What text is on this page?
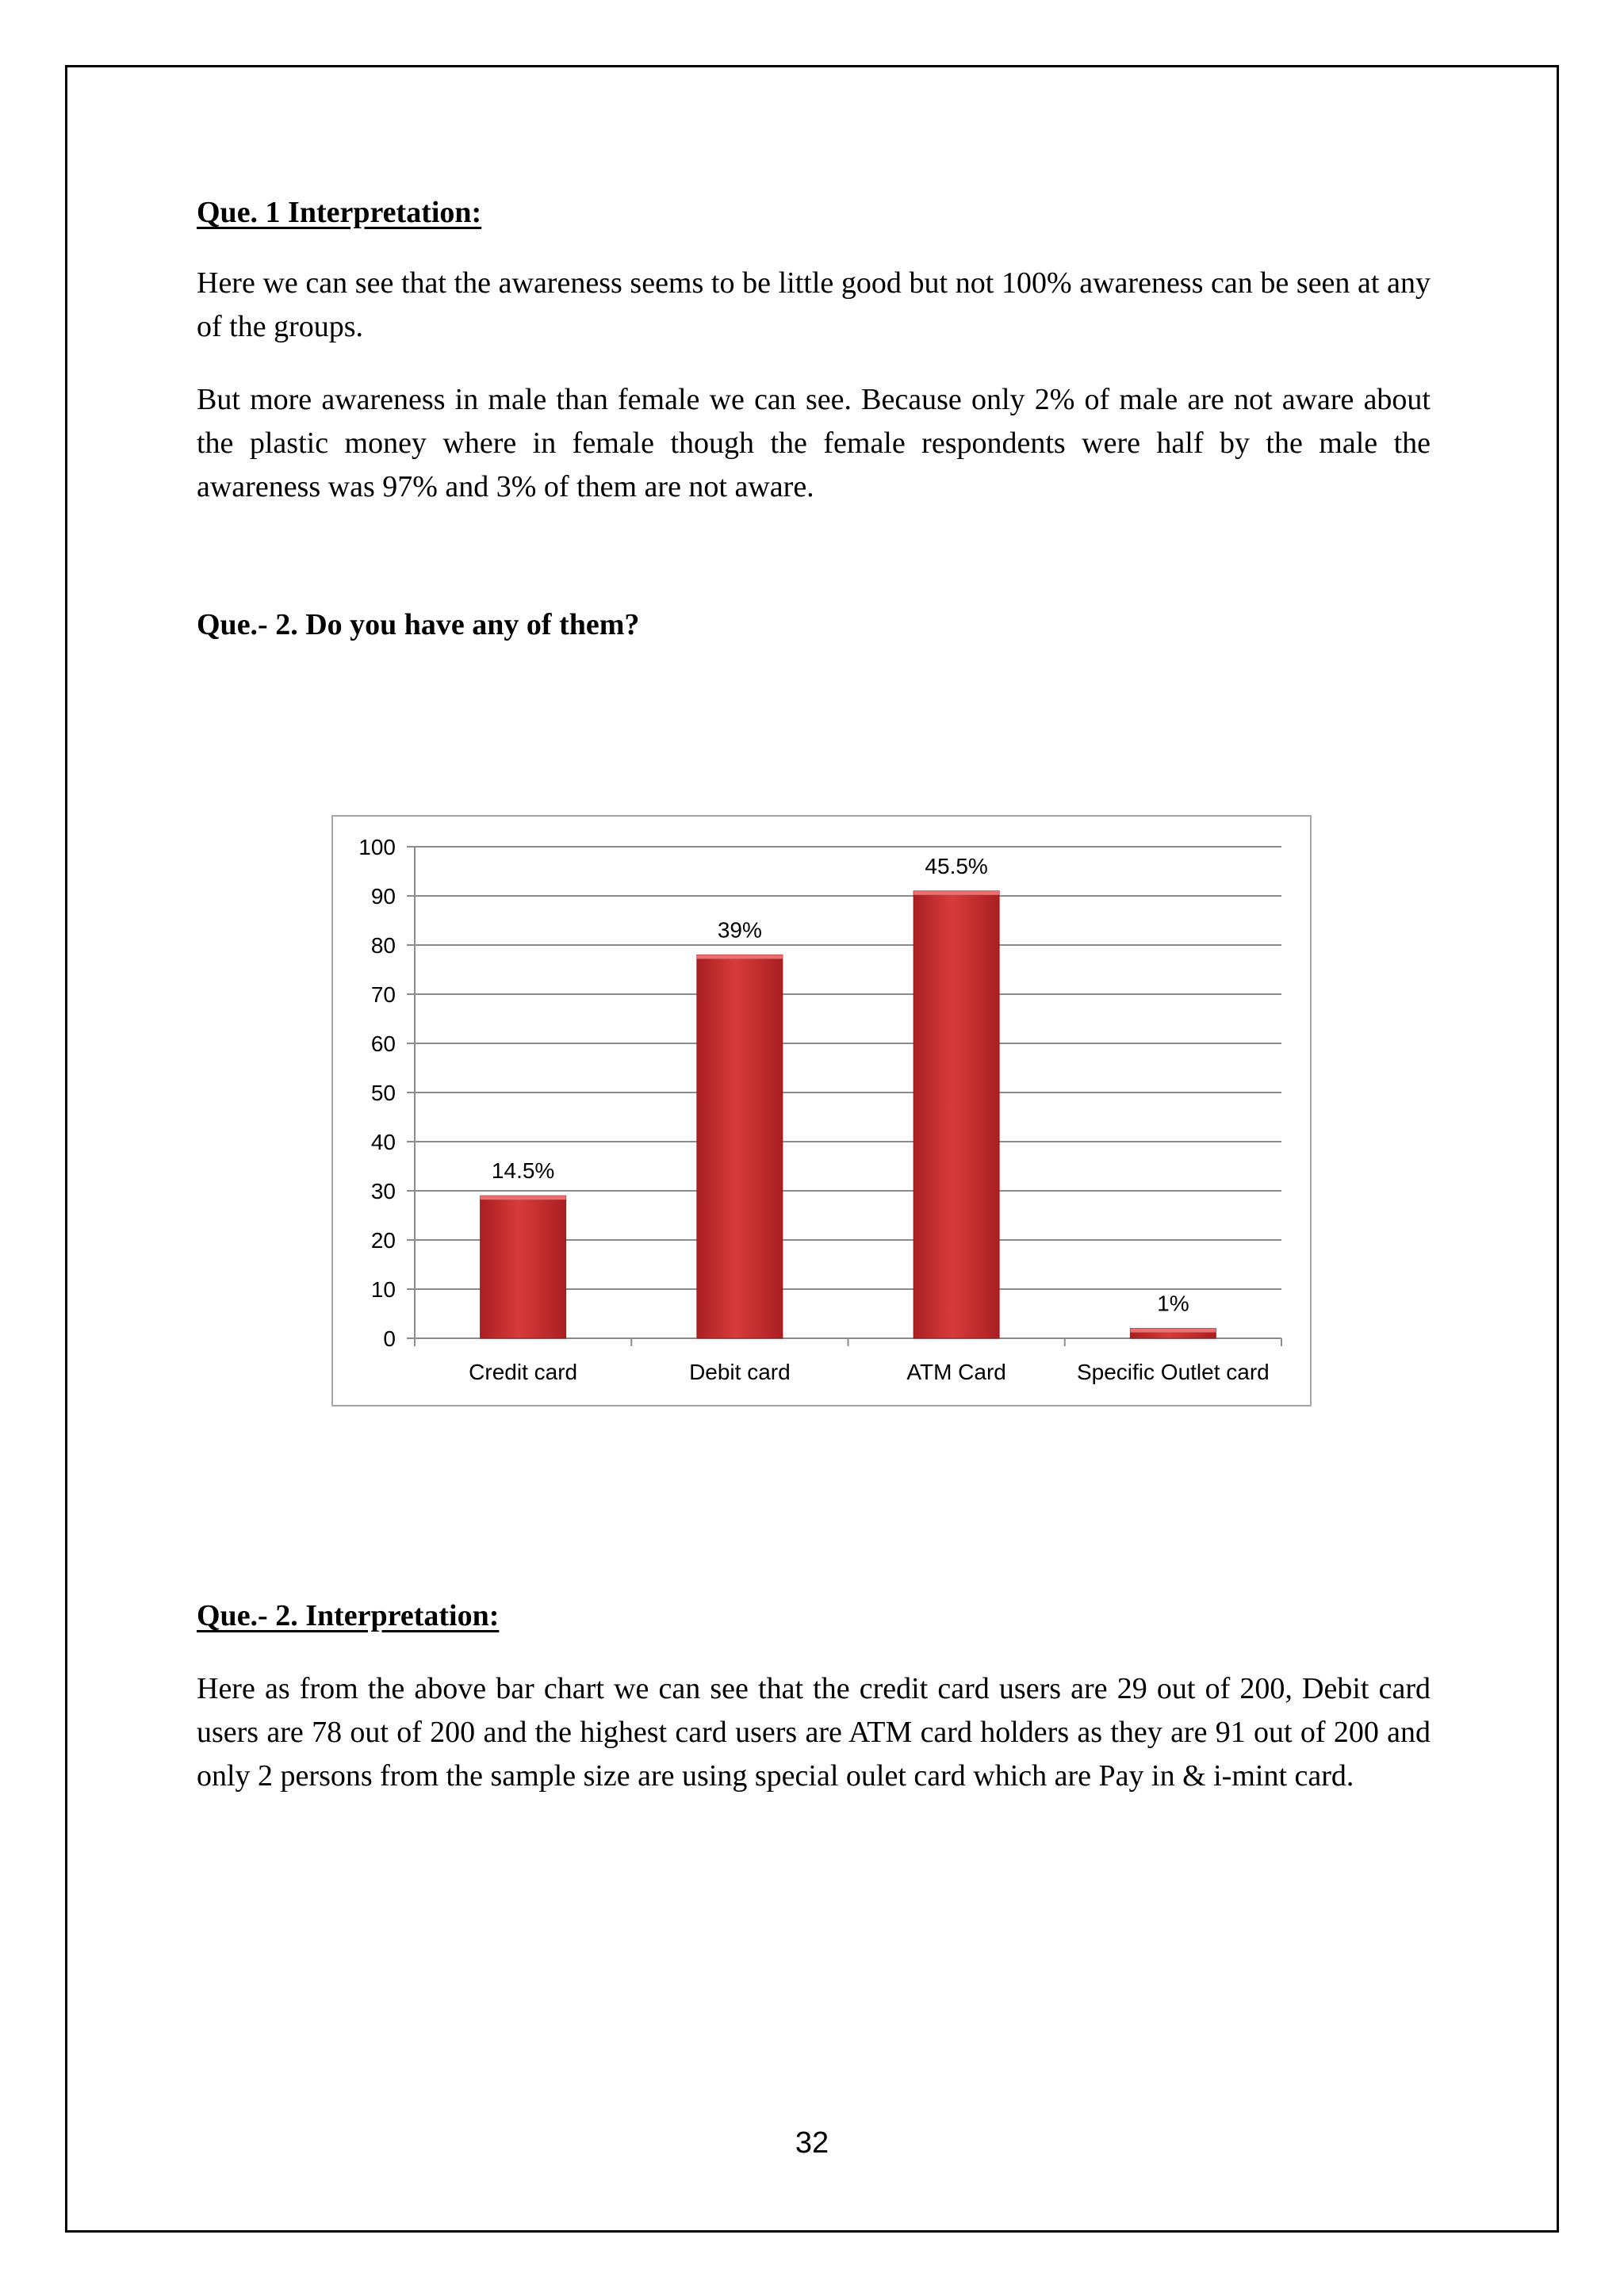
Que. 1 Interpretation:

Here we can see that the awareness seems to be little good but not 100% awareness can be seen at any of the groups.

But more awareness in male than female we can see. Because only 2% of male are not aware about the plastic money where in female though the female respondents were half by the male the awareness was 97% and 3% of them are not aware.

Que.- 2. Do you have any of them?
0
10
20
30
40
50
60
70
80
90
100
14.5%
Credit card
39%
Debit card
45.5%
ATM Card
1%
Specific Outlet card
Que.- 2. Interpretation:

Here as from the above bar chart we can see that the credit card users are 29 out of 200, Debit card users are 78 out of 200 and the highest card users are ATM card holders as they are 91 out of 200 and only 2 persons from the sample size are using special oulet card which are Pay in & i-mint card.

32
